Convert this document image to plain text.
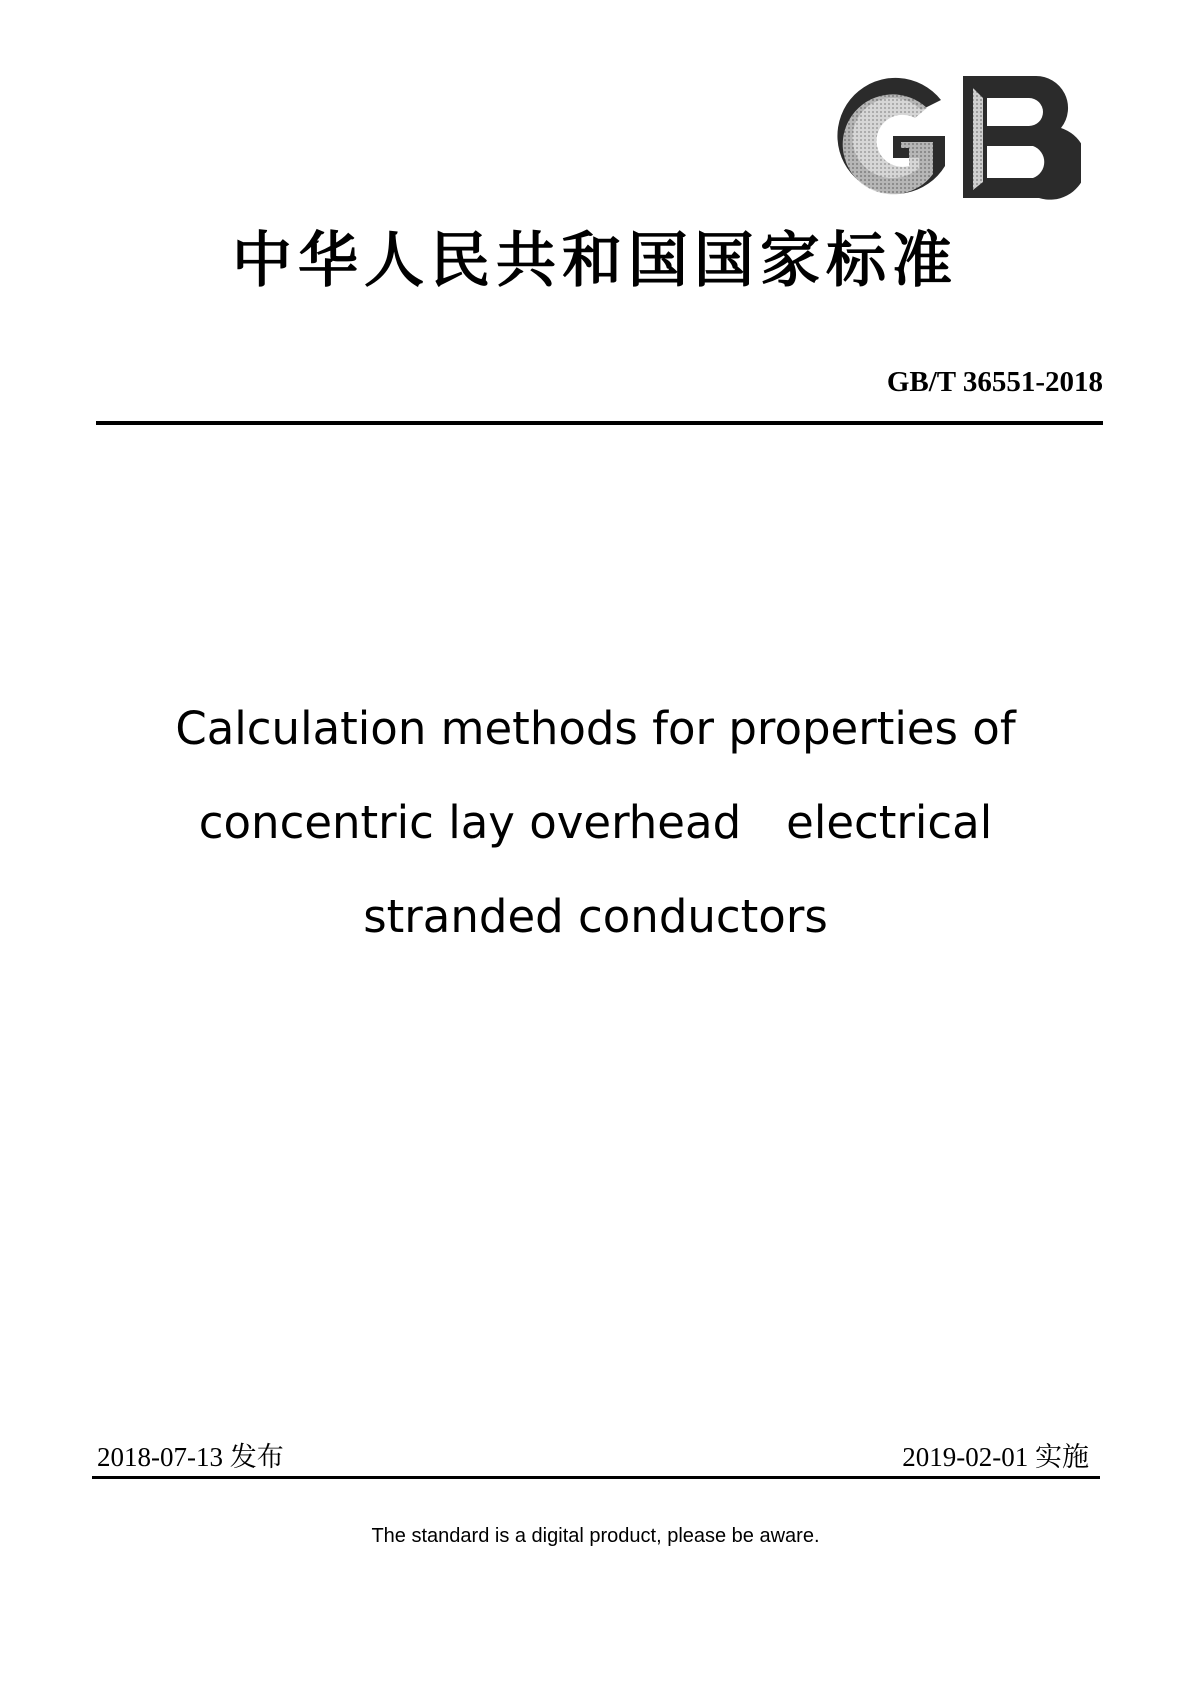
中华人民共和国国家标准
GB/T 36551-2018
Calculation methods for properties of
concentric lay overhead　electrical
stranded conductors
2018-07-13 发布	2019-02-01 实施
The standard is a digital product, please be aware.
